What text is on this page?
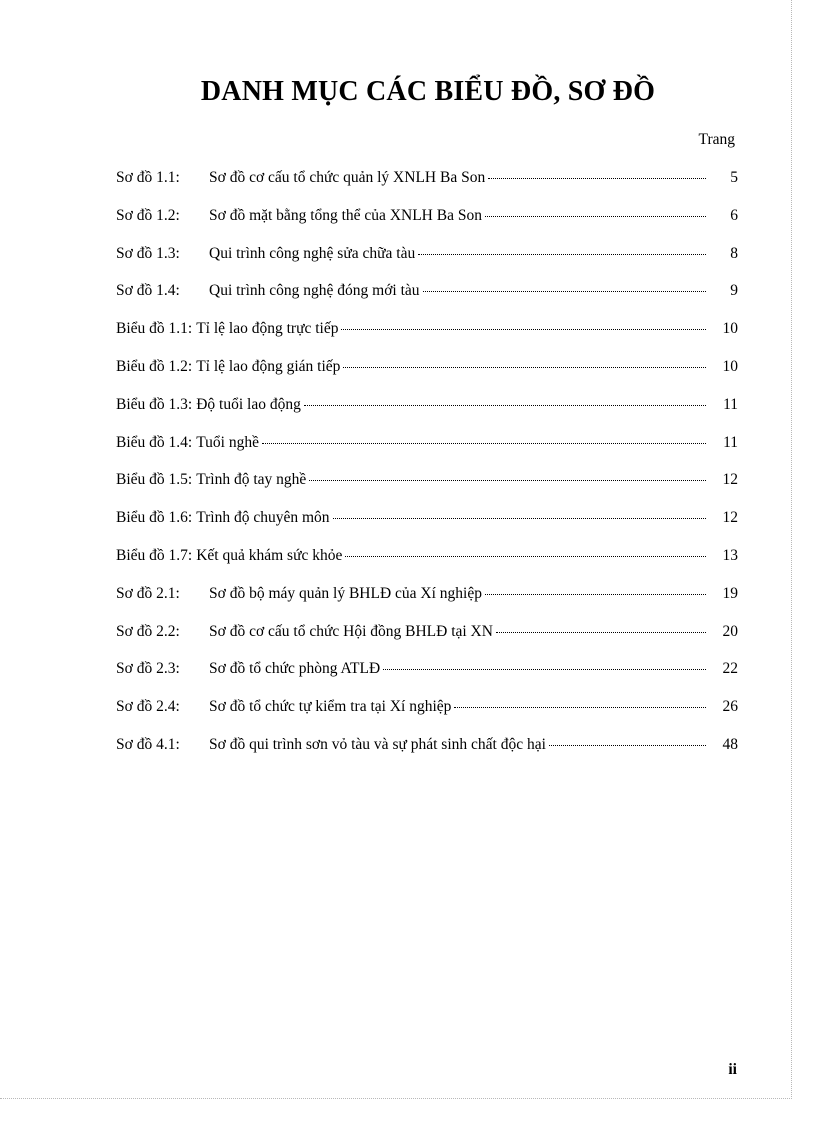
DANH MỤC CÁC BIỂU ĐỒ, SƠ ĐỒ
Trang
Sơ đồ 1.1:	Sơ đồ cơ cấu tổ chức quản lý XNLH Ba Son	5
Sơ đồ 1.2:	Sơ đồ mặt bằng tổng thể của XNLH Ba Son	6
Sơ đồ 1.3:	Qui trình công nghệ sửa chữa tàu	8
Sơ đồ 1.4:	Qui trình công nghệ đóng mới tàu	9
Biểu đồ 1.1: Tỉ lệ lao động trực tiếp	10
Biểu đồ 1.2: Tỉ lệ lao động gián tiếp	10
Biểu đồ 1.3: Độ tuổi lao động	11
Biểu đồ 1.4: Tuổi nghề	11
Biểu đồ 1.5: Trình độ tay nghề	12
Biểu đồ 1.6: Trình độ chuyên môn	12
Biểu đồ 1.7: Kết quả khám sức khỏe	13
Sơ đồ 2.1:	Sơ đồ bộ máy quản lý BHLĐ của Xí nghiệp	19
Sơ đồ 2.2:	Sơ đồ cơ cấu tổ chức Hội đồng BHLĐ tại XN	20
Sơ đồ 2.3:	Sơ đồ tổ chức phòng ATLĐ	22
Sơ đồ 2.4:	Sơ đồ tổ chức tự kiểm tra tại Xí nghiệp	26
Sơ đồ 4.1:	Sơ đồ qui trình sơn vỏ tàu và sự phát sinh chất độc hại	48
ii
